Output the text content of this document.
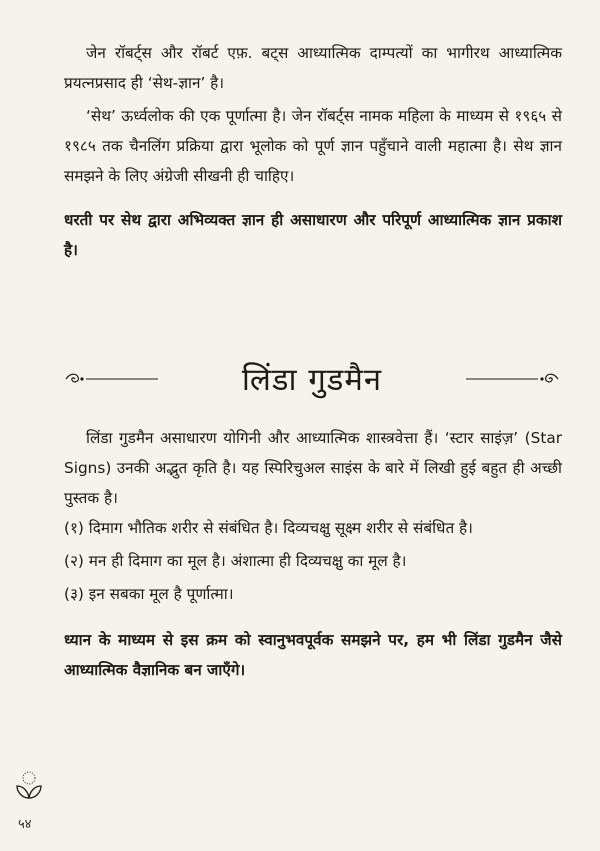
जेन रॉबर्ट्स और रॉबर्ट एफ़. बट्स आध्यात्मिक दाम्पत्यों का भागीरथ आध्यात्मिक प्रयत्नप्रसाद ही ‘सेथ-ज्ञान’ है।

‘सेथ’ ऊर्ध्वलोक की एक पूर्णात्मा है। जेन रॉबर्ट्स नामक महिला के माध्यम से १९६५ से १९८५ तक चैनलिंग प्रक्रिया द्वारा भूलोक को पूर्ण ज्ञान पहुँचाने वाली महात्मा है। सेथ ज्ञान समझने के लिए अंग्रेजी सीखनी ही चाहिए।

धरती पर सेथ द्वारा अभिव्यक्त ज्ञान ही असाधारण और परिपूर्ण आध्यात्मिक ज्ञान प्रकाश है।

लिंडा गुडमैन

लिंडा गुडमैन असाधारण योगिनी और आध्यात्मिक शास्त्रवेत्ता हैं। ‘स्टार साइंज़’ (Star Signs) उनकी अद्भुत कृति है। यह स्पिरिचुअल साइंस के बारे में लिखी हुई बहुत ही अच्छी पुस्तक है।

(१) दिमाग भौतिक शरीर से संबंधित है। दिव्यचक्षु सूक्ष्म शरीर से संबंधित है।

(२) मन ही दिमाग का मूल है। अंशात्मा ही दिव्यचक्षु का मूल है।

(३) इन सबका मूल है पूर्णात्मा।

ध्यान के माध्यम से इस क्रम को स्वानुभवपूर्वक समझने पर, हम भी लिंडा गुडमैन जैसे आध्यात्मिक वैज्ञानिक बन जाएँगे।

५४
